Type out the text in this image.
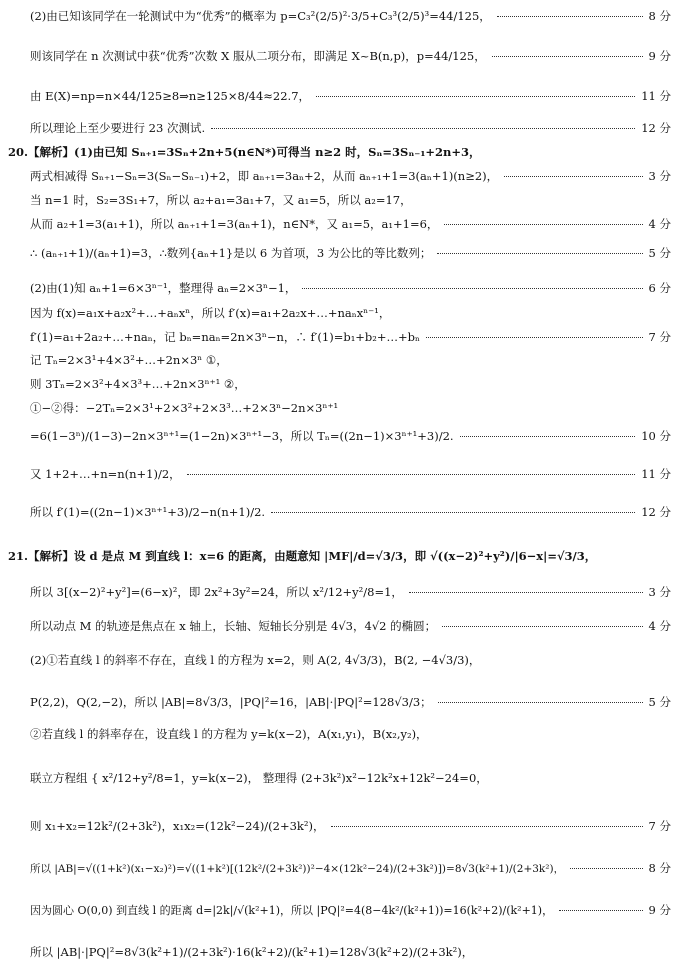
(2)由已知该同学在一轮测试中为“优秀”的概率为 p=C₃²(2/5)²·3/5+C₃³(2/5)³=44/125，	8 分
则该同学在 n 次测试中获“优秀”次数 X 服从二项分布，即满足 X~B(n,p)，p=44/125，	9 分
由 E(X)=np=n×44/125≥8⇒n≥125×8/44≈22.7，	11 分
所以理论上至少要进行 23 次测试.	12 分
20.【解析】(1)由已知 Sₙ₊₁=3Sₙ+2n+5(n∈N*)可得当 n≥2 时，Sₙ=3Sₙ₋₁+2n+3，
两式相减得 Sₙ₊₁−Sₙ=3(Sₙ−Sₙ₋₁)+2，即 aₙ₊₁=3aₙ+2，从而 aₙ₊₁+1=3(aₙ+1)(n≥2)，	3 分
当 n=1 时，S₂=3S₁+7，所以 a₂+a₁=3a₁+7，又 a₁=5，所以 a₂=17，
从而 a₂+1=3(a₁+1)，所以 aₙ₊₁+1=3(aₙ+1)，n∈N*，又 a₁=5，a₁+1=6，	4 分
∴ (aₙ₊₁+1)/(aₙ+1)=3，∴数列{aₙ+1}是以 6 为首项，3 为公比的等比数列；	5 分
(2)由(1)知 aₙ+1=6×3ⁿ⁻¹，整理得 aₙ=2×3ⁿ−1，	6 分
因为 f(x)=a₁x+a₂x²+…+aₙxⁿ，所以 f′(x)=a₁+2a₂x+…+naₙxⁿ⁻¹，
f′(1)=a₁+2a₂+…+naₙ，记 bₙ=naₙ=2n×3ⁿ−n，∴ f′(1)=b₁+b₂+…+bₙ	7 分
记 Tₙ=2×3¹+4×3²+…+2n×3ⁿ ①，
则 3Tₙ=2×3²+4×3³+…+2n×3ⁿ⁺¹ ②，
①−②得：−2Tₙ=2×3¹+2×3²+2×3³…+2×3ⁿ−2n×3ⁿ⁺¹
=6(1−3ⁿ)/(1−3)−2n×3ⁿ⁺¹=(1−2n)×3ⁿ⁺¹−3，所以 Tₙ=((2n−1)×3ⁿ⁺¹+3)/2.	10 分
又 1+2+…+n=n(n+1)/2，	11 分
所以 f′(1)=((2n−1)×3ⁿ⁺¹+3)/2−n(n+1)/2.	12 分
21.【解析】设 d 是点 M 到直线 l：x=6 的距离，由题意知 |MF|/d=√3/3，即 √((x−2)²+y²)/|6−x|=√3/3，
所以 3[(x−2)²+y²]=(6−x)²，即 2x²+3y²=24，所以 x²/12+y²/8=1，	3 分
所以动点 M 的轨迹是焦点在 x 轴上，长轴、短轴长分别是 4√3，4√2 的椭圆；	4 分
(2)①若直线 l 的斜率不存在，直线 l 的方程为 x=2，则 A(2, 4√3/3)，B(2, −4√3/3)，
P(2,2)，Q(2,−2)，所以 |AB|=8√3/3，|PQ|²=16，|AB|·|PQ|²=128√3/3；	5 分
②若直线 l 的斜率存在，设直线 l 的方程为 y=k(x−2)，A(x₁,y₁)，B(x₂,y₂)，
联立方程组 { x²/12+y²/8=1，y=k(x−2)， 整理得 (2+3k²)x²−12k²x+12k²−24=0，
则 x₁+x₂=12k²/(2+3k²)，x₁x₂=(12k²−24)/(2+3k²)，	7 分
所以 |AB|=√((1+k²)(x₁−x₂)²)=√((1+k²)[(12k²/(2+3k²))²−4×(12k²−24)/(2+3k²)])=8√3(k²+1)/(2+3k²)，	8 分
因为圆心 O(0,0) 到直线 l 的距离 d=|2k|/√(k²+1)，所以 |PQ|²=4(8−4k²/(k²+1))=16(k²+2)/(k²+1)，	9 分
所以 |AB|·|PQ|²=8√3(k²+1)/(2+3k²)·16(k²+2)/(k²+1)=128√3(k²+2)/(2+3k²)，
